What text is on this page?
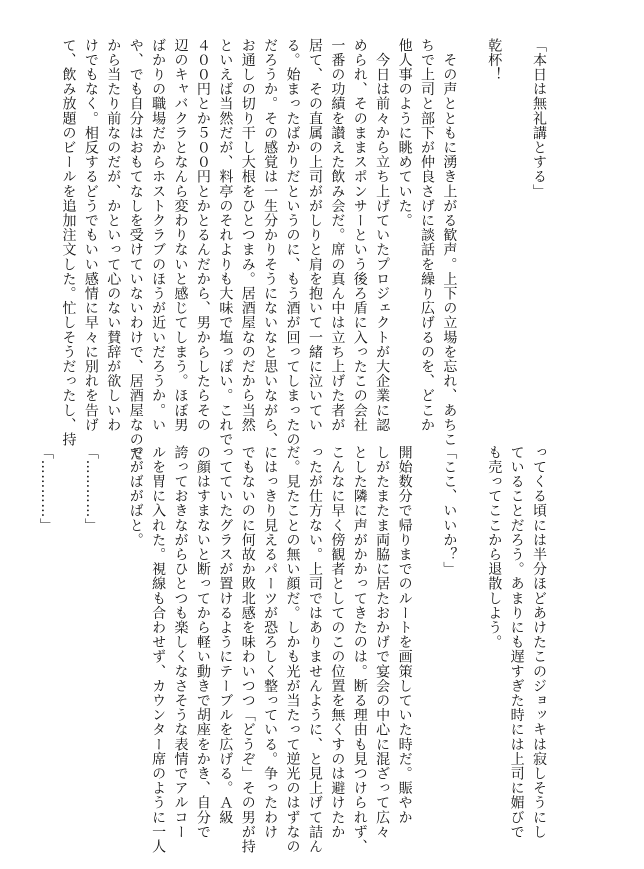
「本日は無礼講とする」

乾杯！

　その声とともに湧き上がる歓声。上下の立場を忘れ、あちこ
ちで上司と部下が仲良さげに談話を繰り広げるのを、どこか
他人事のように眺めていた。
　今日は前々から立ち上げていたプロジェクトが大企業に認
められ、そのままスポンサーという後ろ盾に入ったこの会社
一番の功績を讃えた飲み会だ。席の真ん中は立ち上げた者が
居て、その直属の上司ががしりと肩を抱いて一緒に泣いてい
る。始まったばかりだというのに、もう酒が回ってしまったの
だろうか。その感覚は一生分かりそうにないなと思いながら、
お通しの切り干し大根をひとつまみ。居酒屋なのだから当然
といえば当然だが、料亭のそれよりも大味で塩っぽい。これで
４００円とか５００円とかとるんだから、男からしたらその
辺のキャバクラとなんら変わりないと感じてしまう。ほぼ男
ばかりの職場だからホストクラブのほうが近いだろうか。い
や、でも自分はおもてなしを受けていないわけで、居酒屋なのだ
から当たり前なのだが、かといって心のない賛辞が欲しいわ
けでもなく。相反するどうでもいい感情に早々に別れを告げ
て、飲み放題のビールを追加注文した。忙しそうだったし、持
ってくる頃には半分ほどあけたこのジョッキは寂しそうにし
ていることだろう。あまりにも遅すぎた時には上司に媚びで
も売ってここから退散しよう。

「ここ、いいか？」

開始数分で帰りまでのルートを画策していた時だ。賑やか
しがたまたま両脇に居たおかげで宴会の中心に混ざって広々
とした隣に声がかかってきたのは。断る理由も見つけられず、
こんなに早く傍観者としてのこの位置を無くすのは避けたか
ったが仕方ない。上司ではありませんように、と見上げて詰ん
だ。見たことの無い顔だ。しかも光が当たって逆光のはずなの
にはっきり見えるパーツが恐ろしく整っている。争ったわけ
でもないのに何故か敗北感を味わいつつ「どうぞ」その男が持
ってていたグラスが置けるようにテーブルを広げる。Ａ級
の顔はすまないと断ってから軽い動きで胡座をかき、自分で
誇っておきながらひとつも楽しくなさそうな表情でアルコー
ルを胃に入れた。視線も合わせず、カウンター席のように一人
でがばがばと。

「…………」

「…………」
